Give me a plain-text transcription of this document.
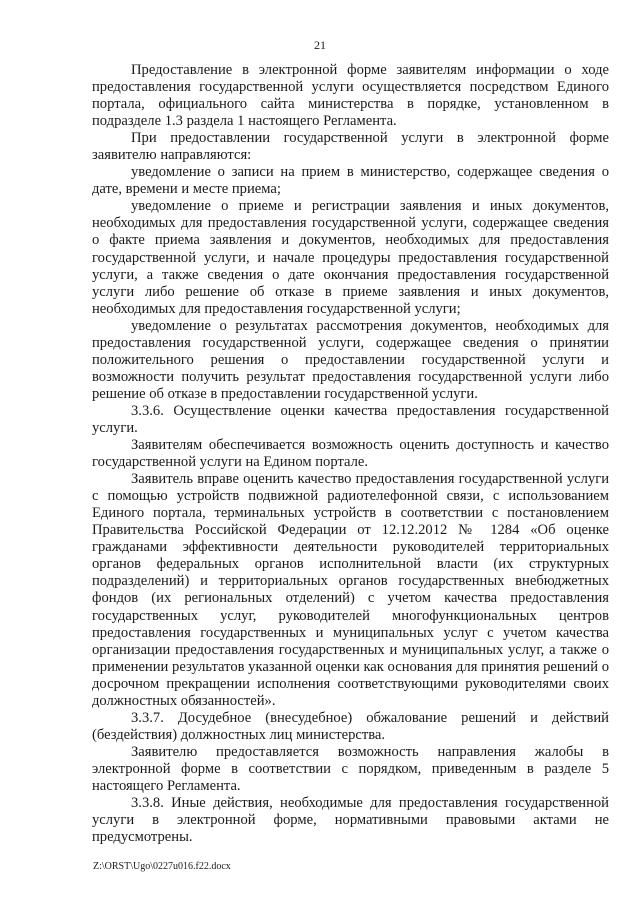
21

Предоставление в электронной форме заявителям информации о ходе предоставления государственной услуги осуществляется посредством Единого портала, официального сайта министерства в порядке, установленном в подразделе 1.3 раздела 1 настоящего Регламента.

При предоставлении государственной услуги в электронной форме заявителю направляются:

уведомление о записи на прием в министерство, содержащее сведения о дате, времени и месте приема;

уведомление о приеме и регистрации заявления и иных документов, необходимых для предоставления государственной услуги, содержащее сведения о факте приема заявления и документов, необходимых для предоставления государственной услуги, и начале процедуры предоставления государственной услуги, а также сведения о дате окончания предоставления государственной услуги либо решение об отказе в приеме заявления и иных документов, необходимых для предоставления государственной услуги;

уведомление о результатах рассмотрения документов, необходимых для предоставления государственной услуги, содержащее сведения о принятии положительного решения о предоставлении государственной услуги и возможности получить результат предоставления государственной услуги либо решение об отказе в предоставлении государственной услуги.

3.3.6. Осуществление оценки качества предоставления государственной услуги.

Заявителям обеспечивается возможность оценить доступность и качество государственной услуги на Едином портале.

Заявитель вправе оценить качество предоставления государственной услуги с помощью устройств подвижной радиотелефонной связи, с использованием Единого портала, терминальных устройств в соответствии с постановлением Правительства Российской Федерации от 12.12.2012 № 1284 «Об оценке гражданами эффективности деятельности руководителей территориальных органов федеральных органов исполнительной власти (их структурных подразделений) и территориальных органов государственных внебюджетных фондов (их региональных отделений) с учетом качества предоставления государственных услуг, руководителей многофункциональных центров предоставления государственных и муниципальных услуг с учетом качества организации предоставления государственных и муниципальных услуг, а также о применении результатов указанной оценки как основания для принятия решений о досрочном прекращении исполнения соответствующими руководителями своих должностных обязанностей».

3.3.7. Досудебное (внесудебное) обжалование решений и действий (бездействия) должностных лиц министерства.

Заявителю предоставляется возможность направления жалобы в электронной форме в соответствии с порядком, приведенным в разделе 5 настоящего Регламента.

3.3.8. Иные действия, необходимые для предоставления государственной услуги в электронной форме, нормативными правовыми актами не предусмотрены.

Z:\ORST\Ugo\0227u016.f22.docx
